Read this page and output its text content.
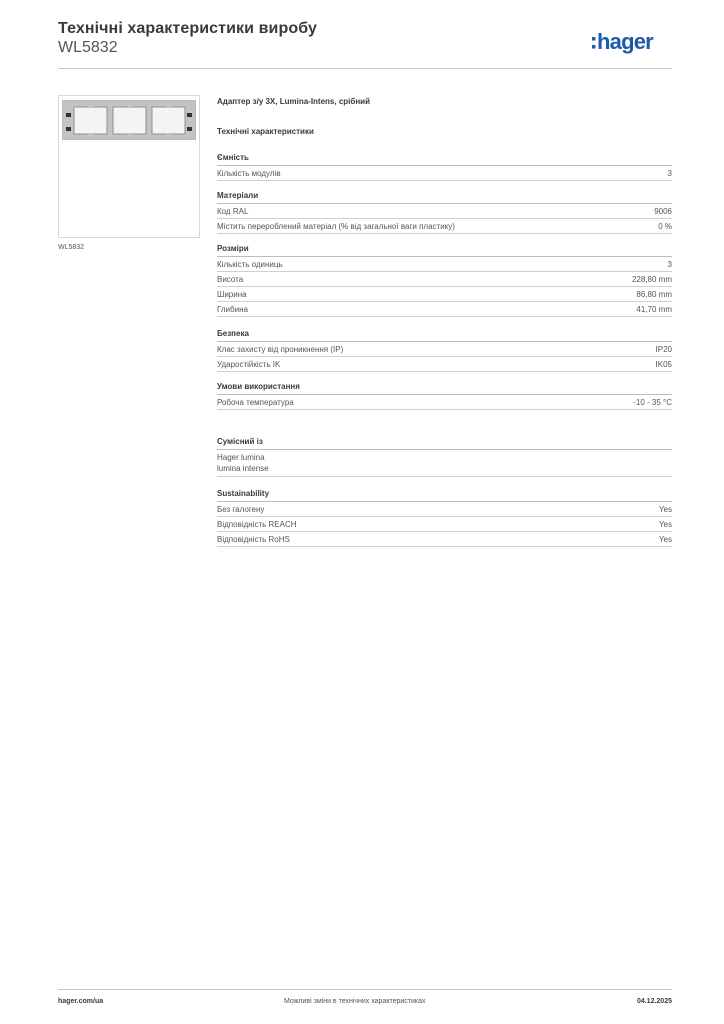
Технічні характеристики виробу
WL5832	hager
WL5832
Адаптер з/у 3X, Lumina-Intens, срібний
Технічні характеристики
Ємність
Кількість модулів	3
Матеріали
Код RAL	9006
Містить перероблений матеріал (% від загальної ваги пластику)	0 %
Розміри
Кількість одиниць	3
Висота	228,80 mm
Ширина	86,80 mm
Глибина	41,70 mm
Безпека
Клас захисту від проникнення (IP)	IP20
Ударостійкість IK	IK05
Умови використання
Робоча температура	-10 - 35 °C
Сумісний із
Hager lumina
lumina intense
Sustainability
Без галогену	Yes
Відповідність REACH	Yes
Відповідність RoHS	Yes
hager.com/ua	Можливі зміни в технічних характеристиках	04.12.2025
